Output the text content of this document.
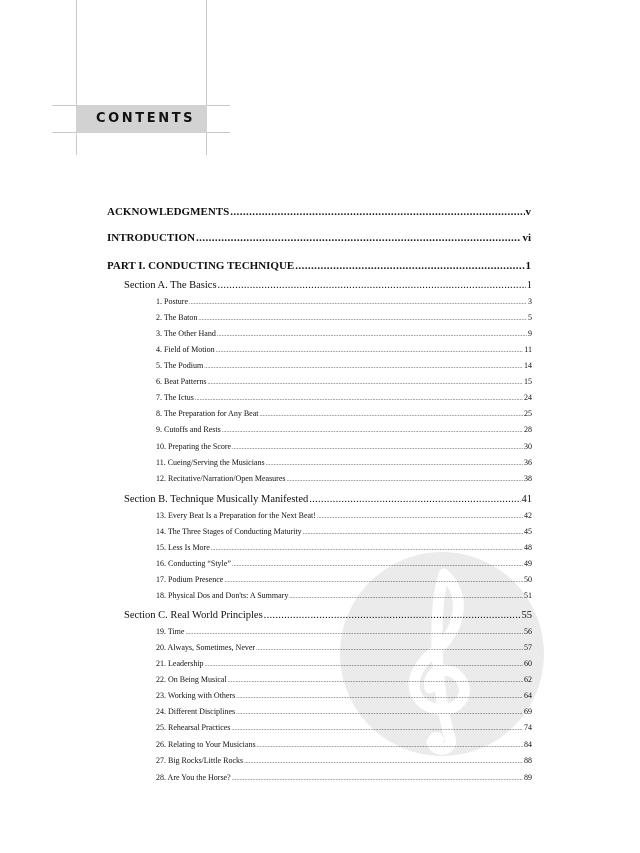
CONTENTS
ACKNOWLEDGMENTS .....	v
INTRODUCTION .....	vi
PART I. CONDUCTING TECHNIQUE .....	1
Section A. The Basics .....	1
1. Posture .....	3
2. The Baton .....	5
3. The Other Hand .....	9
4. Field of Motion .....	11
5. The Podium .....	14
6. Beat Patterns .....	15
7. The Ictus .....	24
8. The Preparation for Any Beat .....	25
9. Cutoffs and Rests .....	28
10. Preparing the Score .....	30
11. Cueing/Serving the Musicians .....	36
12. Recitative/Narration/Open Measures .....	38
Section B. Technique Musically Manifested .....	41
13. Every Beat Is a Preparation for the Next Beat! .....	42
14. The Three Stages of Conducting Maturity .....	45
15. Less Is More .....	48
16. Conducting “Style” .....	49
17. Podium Presence .....	50
18. Physical Dos and Don'ts: A Summary .....	51
Section C. Real World Principles .....	55
19. Time .....	56
20. Always, Sometimes, Never .....	57
21. Leadership .....	60
22. On Being Musical .....	62
23. Working with Others .....	64
24. Different Disciplines .....	69
25. Rehearsal Practices .....	74
26. Relating to Your Musicians .....	84
27. Big Rocks/Little Rocks .....	88
28. Are You the Horse? .....	89
